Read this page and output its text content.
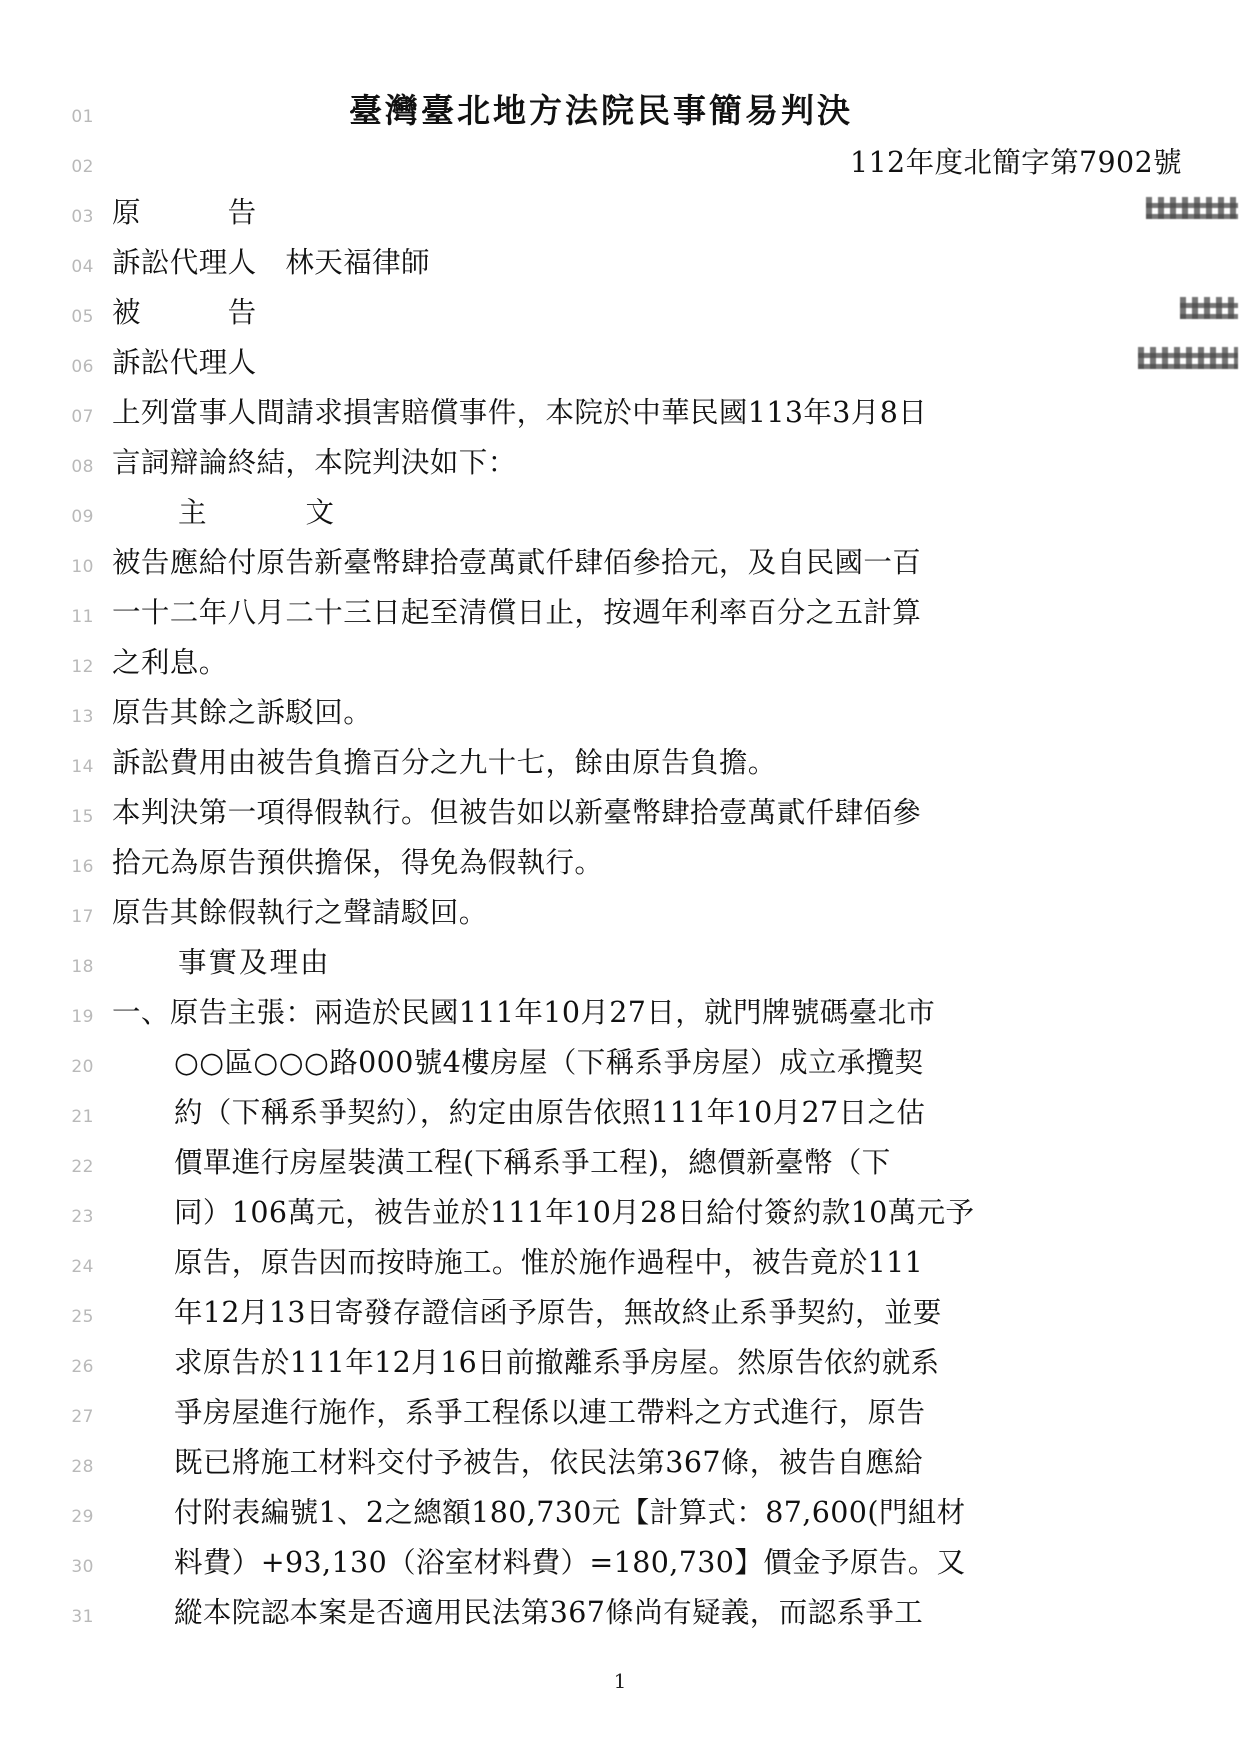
01	臺灣臺北地方法院民事簡易判決
02	112年度北簡字第7902號
03 原　　　告　
04 訴訟代理人　林天福律師
05 被　　　告　
06 訴訟代理人　
07 上列當事人間請求損害賠償事件，本院於中華民國113年3月8日
08 言詞辯論終結，本院判決如下：
09	主　　文
10 被告應給付原告新臺幣肆拾壹萬貳仟肆佰參拾元，及自民國一百
11 一十二年八月二十三日起至清償日止，按週年利率百分之五計算
12 之利息。
13 原告其餘之訴駁回。
14 訴訟費用由被告負擔百分之九十七，餘由原告負擔。
15 本判決第一項得假執行。但被告如以新臺幣肆拾壹萬貳仟肆佰參
16 拾元為原告預供擔保，得免為假執行。
17 原告其餘假執行之聲請駁回。
18	事實及理由
19 一、原告主張：兩造於民國111年10月27日，就門牌號碼臺北市
20	○○區○○○路000號4樓房屋（下稱系爭房屋）成立承攬契
21	約（下稱系爭契約），約定由原告依照111年10月27日之估
22	價單進行房屋裝潢工程(下稱系爭工程)，總價新臺幣（下
23	同）106萬元，被告並於111年10月28日給付簽約款10萬元予
24	原告，原告因而按時施工。惟於施作過程中，被告竟於111
25	年12月13日寄發存證信函予原告，無故終止系爭契約，並要
26	求原告於111年12月16日前撤離系爭房屋。然原告依約就系
27	爭房屋進行施作，系爭工程係以連工帶料之方式進行，原告
28	既已將施工材料交付予被告，依民法第367條，被告自應給
29	付附表編號1、2之總額180,730元【計算式：87,600(門組材
30	料費）+93,130（浴室材料費）=180,730】價金予原告。又
31	縱本院認本案是否適用民法第367條尚有疑義，而認系爭工
1
